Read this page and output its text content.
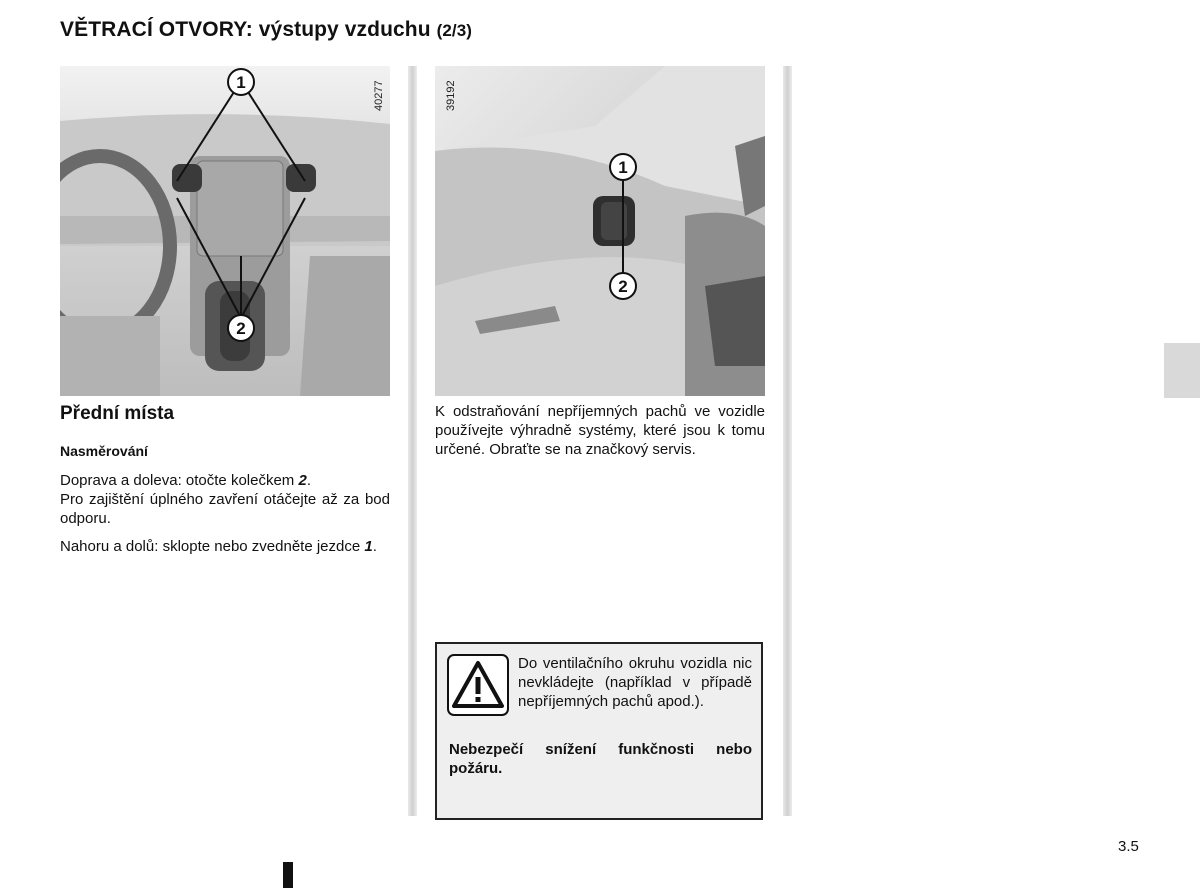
VĚTRACÍ OTVORY: výstupy vzduchu (2/3)
1
2
40277
1
2
39192
Přední místa
Nasměrování
Doprava a doleva: otočte kolečkem 2.
Pro zajištění úplného zavření otáčejte až za bod odporu.
Nahoru a dolů: sklopte nebo zvedněte jezdce 1.
K odstraňování nepříjemných pachů ve vozidle používejte výhradně systémy, které jsou k tomu určené. Obraťte se na značkový servis.
Do ventilačního okruhu vozidla nic nevkládejte (například v případě nepříjemných pachů apod.).
Nebezpečí snížení funkčnosti nebo požáru.
3.5
